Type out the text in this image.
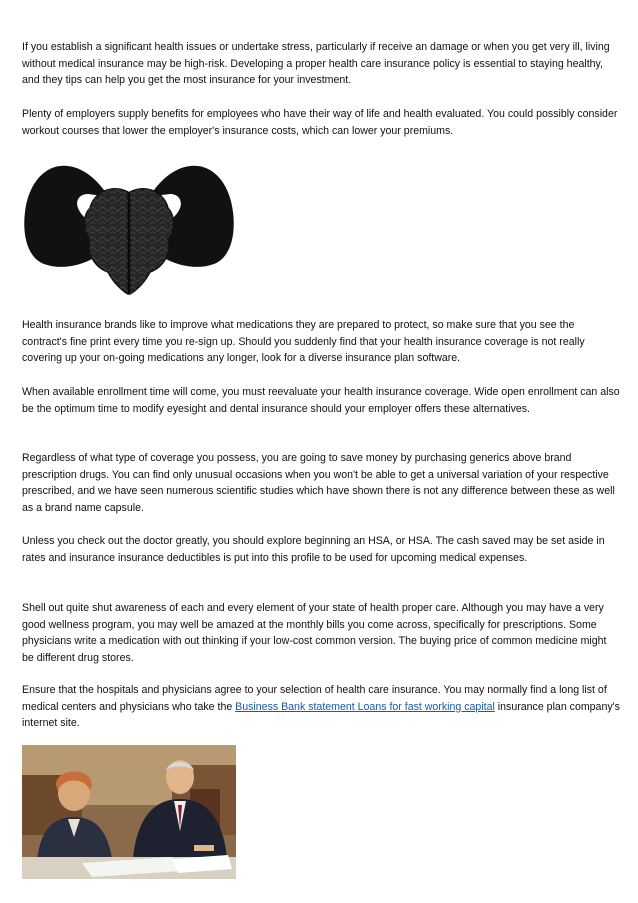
If you establish a significant health issues or undertake stress, particularly if receive an damage or when you get very ill, living without medical insurance may be high-risk. Developing a proper health care insurance policy is essential to staying healthy, and they tips can help you get the most insurance for your investment.

Plenty of employers supply benefits for employees who have their way of life and health evaluated. You could possibly consider workout courses that lower the employer's insurance costs, which can lower your premiums.

Health insurance brands like to improve what medications they are prepared to protect, so make sure that you see the contract's fine print every time you re-sign up. Should you suddenly find that your health insurance coverage is not really covering up your on-going medications any longer, look for a diverse insurance plan software.

When available enrollment time will come, you must reevaluate your health insurance coverage. Wide open enrollment can also be the optimum time to modify eyesight and dental insurance should your employer offers these alternatives.

Regardless of what type of coverage you possess, you are going to save money by purchasing generics above brand prescription drugs. You can find only unusual occasions when you won't be able to get a universal variation of your respective prescribed, and we have seen numerous scientific studies which have shown there is not any difference between these as well as a brand name capsule.

Unless you check out the doctor greatly, you should explore beginning an HSA, or HSA. The cash saved may be set aside in rates and insurance insurance deductibles is put into this profile to be used for upcoming medical expenses.

Shell out quite shut awareness of each and every element of your state of health proper care. Although you may have a very good wellness program, you may well be amazed at the monthly bills you come across, specifically for prescriptions. Some physicians write a medication with out thinking if your low-cost common version. The buying price of common medicine might be different drug stores.

Ensure that the hospitals and physicians agree to your selection of health care insurance. You may normally find a long list of medical centers and physicians who take the Business Bank statement Loans for fast working capital insurance plan company's internet site.
